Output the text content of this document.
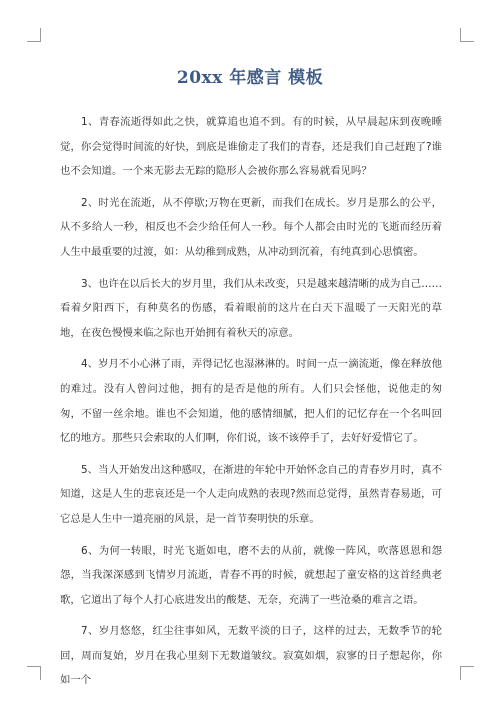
20xx 年感言 模板

1、青春流逝得如此之快，就算追也追不到。有的时候，从早晨起床到夜晚睡觉，你会觉得时间流的好快，到底是谁偷走了我们的青春，还是我们自己赶跑了?谁也不会知道。一个来无影去无踪的隐形人会被你那么容易就看见吗？

2、时光在流逝，从不停歇;万物在更新，而我们在成长。岁月是那么的公平，从不多给人一秒，相反也不会少给任何人一秒。每个人都会由时光的飞逝而经历着人生中最重要的过渡，如：从幼稚到成熟，从冲动到沉着，有纯真到心思慎密。

3、也许在以后长大的岁月里，我们从未改变，只是越来越清晰的成为自己……看着夕阳西下，有种莫名的伤感，看着眼前的这片在白天下温暖了一天阳光的草地，在夜色慢慢来临之际也开始拥有着秋天的凉意。

4、岁月不小心淋了雨，弄得记忆也湿淋淋的。时间一点一滴流逝，像在释放他的难过。没有人曾问过他，拥有的是否是他的所有。人们只会怪他，说他走的匆匆，不留一丝余地。谁也不会知道，他的感情细腻，把人们的记忆存在一个名叫回忆的地方。那些只会索取的人们啊，你们说，该不该停手了，去好好爱惜它了。

5、当人开始发出这种感叹，在渐进的年轮中开始怀念自己的青春岁月时，真不知道，这是人生的悲哀还是一个人走向成熟的表现?然而总觉得，虽然青春易逝，可它总是人生中一道亮丽的风景，是一首节奏明快的乐章。

6、为何一转眼，时光飞逝如电，磨不去的从前，就像一阵风，吹落恩恩和怨怨，当我深深感到飞情岁月流逝，青春不再的时候，就想起了童安格的这首经典老歌，它道出了每个人打心底进发出的酸楚、无奈，充满了一些沧桑的难言之语。

7、岁月悠悠，红尘往事如风，无数平淡的日子，这样的过去，无数季节的轮回，周而复始，岁月在我心里刻下无数道皱纹。寂寞如烟，寂寥的日子想起你，你如一个
